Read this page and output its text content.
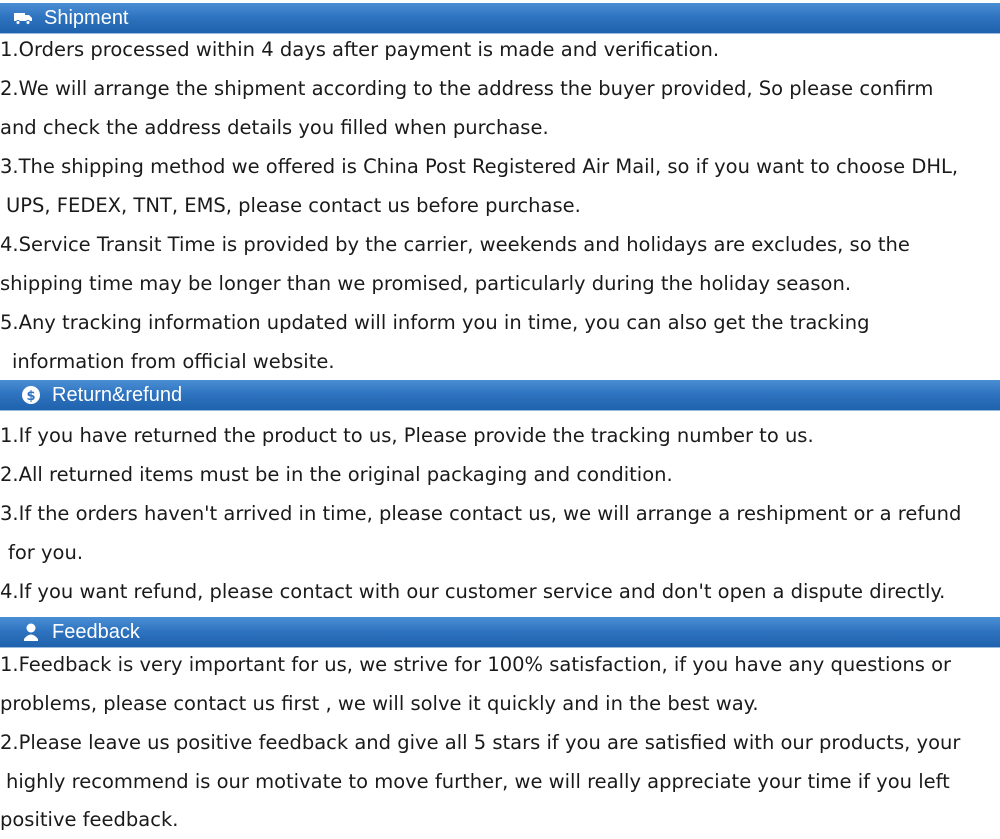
Shipment
1.Orders processed within 4 days after payment is made and verification.
2.We will arrange the shipment according to the address the buyer provided, So please confirm
and check the address details you filled when purchase.
3.The shipping method we offered is China Post Registered Air Mail, so if you want to choose DHL,
UPS, FEDEX, TNT, EMS, please contact us before purchase.
4.Service Transit Time is provided by the carrier, weekends and holidays are excludes, so the
shipping time may be longer than we promised, particularly during the holiday season.
5.Any tracking information updated will inform you in time, you can also get the tracking
information from official website.
$ Return&refund
1.If you have returned the product to us, Please provide the tracking number to us.
2.All returned items must be in the original packaging and condition.
3.If the orders haven't arrived in time, please contact us, we will arrange a reshipment or a refund
for you.
4.If you want refund, please contact with our customer service and don't open a dispute directly.
Feedback
1.Feedback is very important for us, we strive for 100% satisfaction, if you have any questions or
problems, please contact us first , we will solve it quickly and in the best way.
2.Please leave us positive feedback and give all 5 stars if you are satisfied with our products, your
highly recommend is our motivate to move further, we will really appreciate your time if you left
positive feedback.
